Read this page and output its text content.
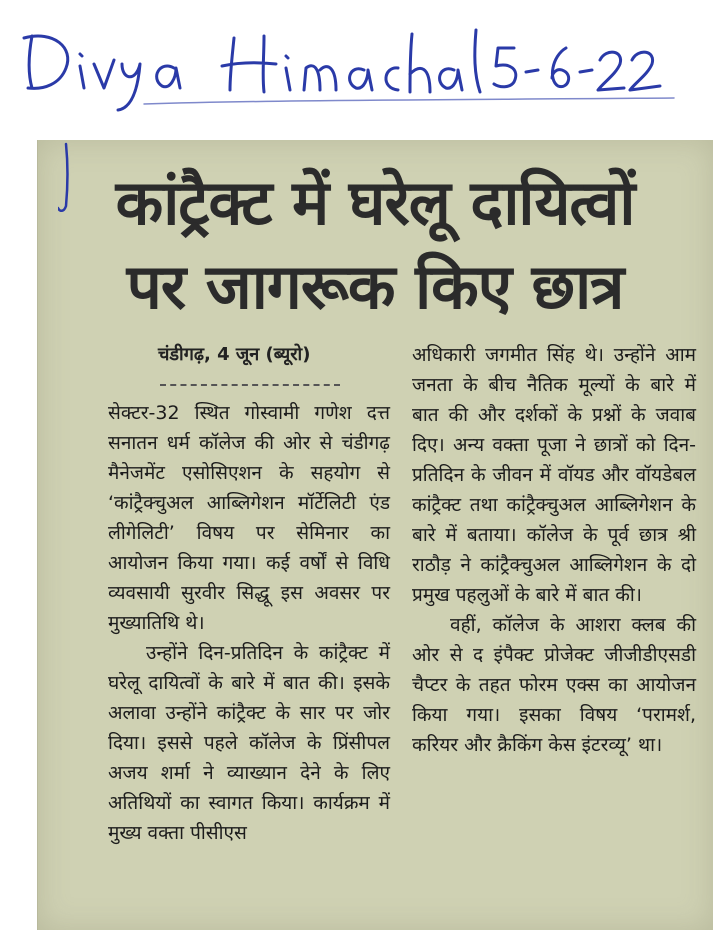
कांट्रैक्ट में घरेलू दायित्वों
पर जागरूक किए छात्र
चंडीगढ़, 4 जून (ब्यूरो)

सेक्टर-32 स्थित गोस्वामी गणेश दत्त सनातन धर्म कॉलेज की ओर से चंडीगढ़ मैनेजमेंट एसोसिएशन के सहयोग से ‘कांट्रैक्चुअल आब्लिगेशन मॉर्टेलिटी एंड लीगेलिटी’ विषय पर सेमिनार का आयोजन किया गया। कई वर्षों से विधि व्यवसायी सुरवीर सिद्धू इस अवसर पर मुख्यातिथि थे।

उन्होंने दिन-प्रतिदिन के कांट्रैक्ट में घरेलू दायित्वों के बारे में बात की। इसके अलावा उन्होंने कांट्रैक्ट के सार पर जोर दिया। इससे पहले कॉलेज के प्रिंसीपल अजय शर्मा ने व्याख्यान देने के लिए अतिथियों का स्वागत किया। कार्यक्रम में मुख्य वक्ता पीसीएस

अधिकारी जगमीत सिंह थे। उन्होंने आम जनता के बीच नैतिक मूल्यों के बारे में बात की और दर्शकों के प्रश्नों के जवाब दिए। अन्य वक्ता पूजा ने छात्रों को दिन-प्रतिदिन के जीवन में वॉयड और वॉयडेबल कांट्रैक्ट तथा कांट्रैक्चुअल आब्लिगेशन के बारे में बताया। कॉलेज के पूर्व छात्र श्री राठौड़ ने कांट्रैक्चुअल आब्लिगेशन के दो प्रमुख पहलुओं के बारे में बात की।

वहीं, कॉलेज के आशरा क्लब की ओर से द इंपैक्ट प्रोजेक्ट जीजीडीएसडी चैप्टर के तहत फोरम एक्स का आयोजन किया गया। इसका विषय ‘परामर्श, करियर और क्रैकिंग केस इंटरव्यू’ था।
